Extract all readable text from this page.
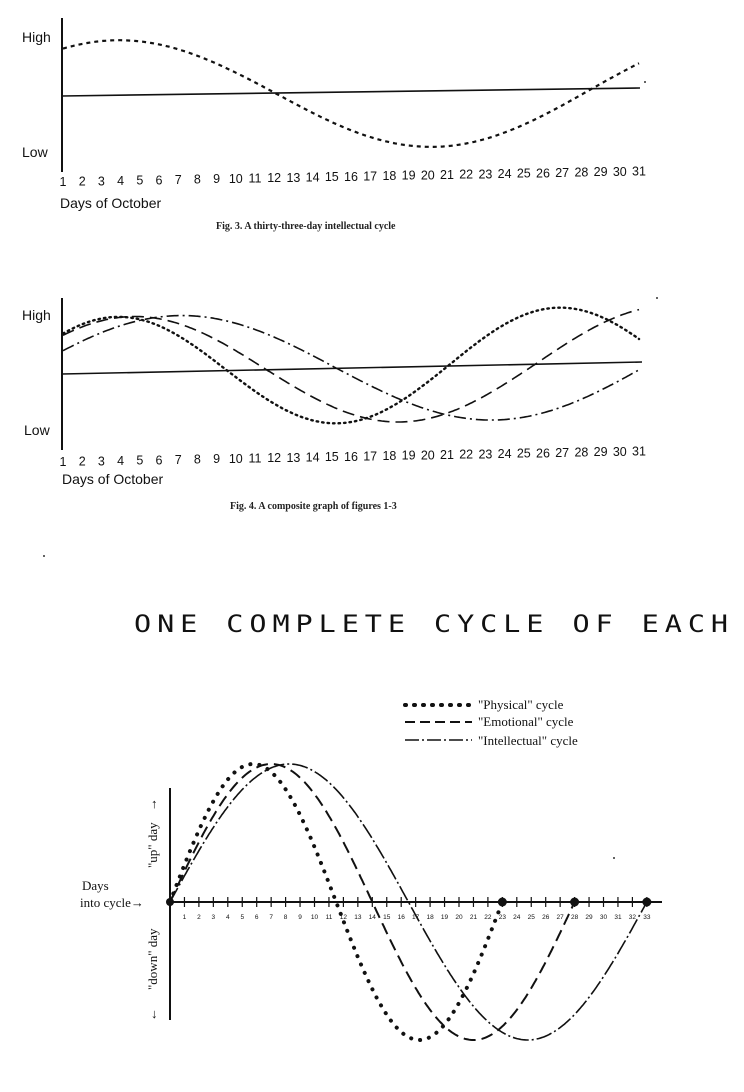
High
Low
1 2 3 4 5 6 7 8 9 10 11 12 13 14 15 16 17 18 19 20 21 22 23 24 25 26 27 28 29 30 31
Days of October
Fig. 3. A thirty-three-day intellectual cycle
High
Low
1 2 3 4 5 6 7 8 9 10 11 12 13 14 15 16 17 18 19 20 21 22 23 24 25 26 27 28 29 30 31
Days of October
Fig. 4. A composite graph of figures 1-3
ONE COMPLETE CYCLE OF EACH
"Physical" cycle
"Emotional" cycle
"Intellectual" cycle
1 2 3 4 5 6 7 8 9 10 11 12 13 14 15 16 17 18 19 20 21 22 23 24 25 26 27 28 29 30 31 32 33
"up" day
↑
"down" day
↓
Days
into cycle→
